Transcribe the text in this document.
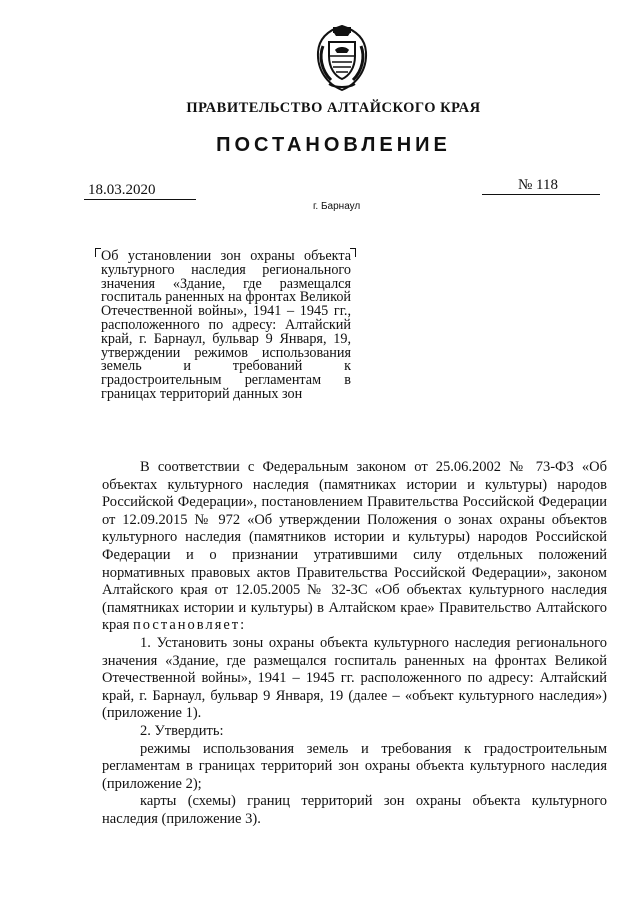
ПРАВИТЕЛЬСТВО АЛТАЙСКОГО КРАЯ
ПОСТАНОВЛЕНИЕ
18.03.2020	№ 118
г. Барнаул
Об установлении зон охраны объекта культурного наследия регионального значения «Здание, где размещался госпиталь раненных на фронтах Великой Отечественной войны», 1941 – 1945 гг., расположенного по адресу: Алтайский край, г. Барнаул, бульвар 9 Января, 19, утверждении режимов использования земель и требований к градостроительным регламентам в границах территорий данных зон

В соответствии с Федеральным законом от 25.06.2002 № 73-ФЗ «Об объектах культурного наследия (памятниках истории и культуры) народов Российской Федерации», постановлением Правительства Российской Федерации от 12.09.2015 № 972 «Об утверждении Положения о зонах охраны объектов культурного наследия (памятников истории и культуры) народов Российской Федерации и о признании утратившими силу отдельных положений нормативных правовых актов Правительства Российской Федерации», законом Алтайского края от 12.05.2005 № 32-ЗС «Об объектах культурного наследия (памятниках истории и культуры) в Алтайском крае» Правительство Алтайского края постановляет:

1. Установить зоны охраны объекта культурного наследия регионального значения «Здание, где размещался госпиталь раненных на фронтах Великой Отечественной войны», 1941 – 1945 гг. расположенного по адресу: Алтайский край, г. Барнаул, бульвар 9 Января, 19 (далее – «объект культурного наследия») (приложение 1).

2. Утвердить:

режимы использования земель и требования к градостроительным регламентам в границах территорий зон охраны объекта культурного наследия (приложение 2);

карты (схемы) границ территорий зон охраны объекта культурного наследия (приложение 3).
